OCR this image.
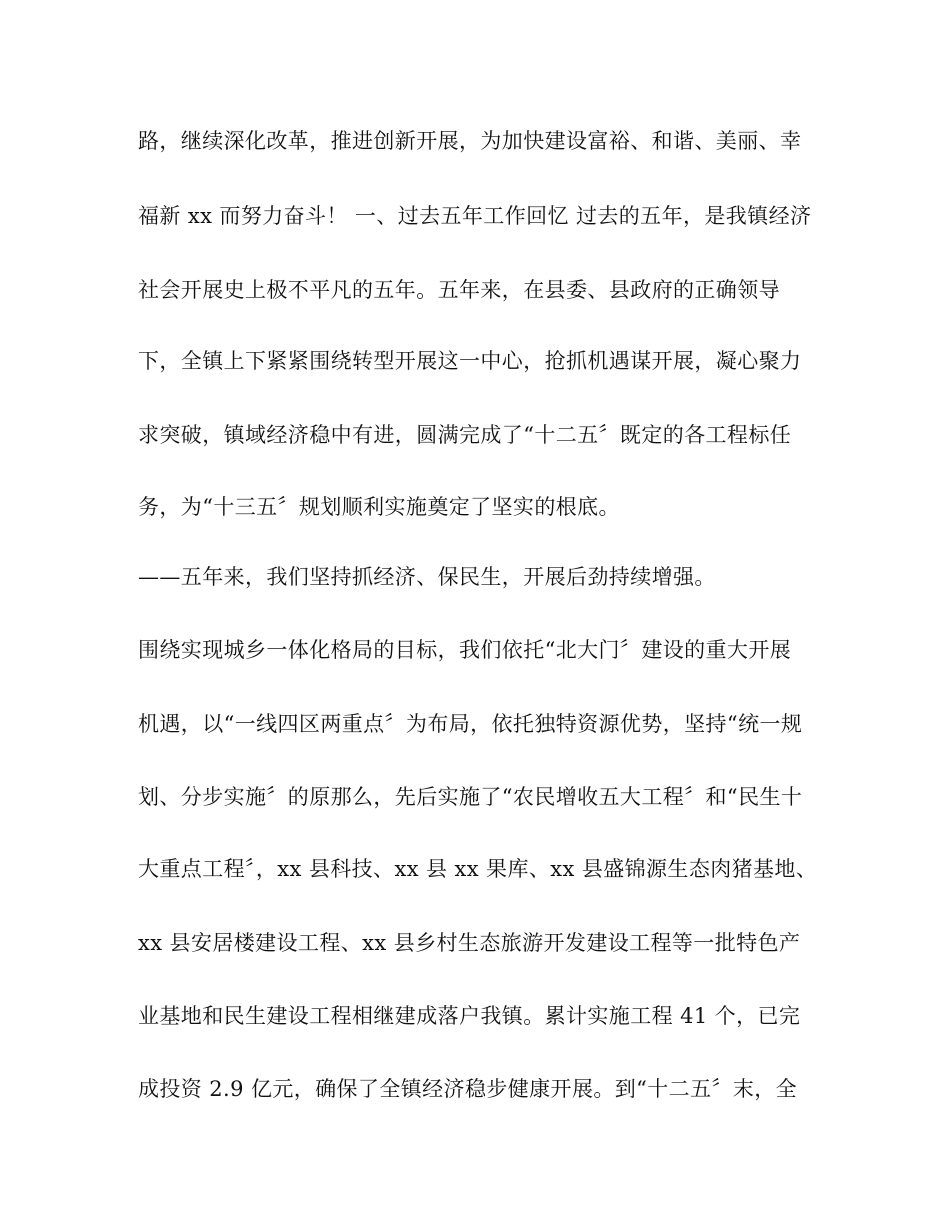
路，继续深化改革，推进创新开展，为加快建设富裕、和谐、美丽、幸
福新 xx 而努力奋斗！ 一、过去五年工作回忆 过去的五年，是我镇经济
社会开展史上极不平凡的五年。五年来，在县委、县政府的正确领导
下，全镇上下紧紧围绕转型开展这一中心，抢抓机遇谋开展，凝心聚力
求突破，镇域经济稳中有进，圆满完成了“十二五〞既定的各工程标任
务，为“十三五〞规划顺利实施奠定了坚实的根底。
——五年来，我们坚持抓经济、保民生，开展后劲持续增强。
围绕实现城乡一体化格局的目标，我们依托“北大门〞建设的重大开展
机遇，以“一线四区两重点〞为布局，依托独特资源优势，坚持“统一规
划、分步实施〞的原那么，先后实施了“农民增收五大工程〞和“民生十
大重点工程〞，xx 县科技、xx 县 xx 果库、xx 县盛锦源生态肉猪基地、
xx 县安居楼建设工程、xx 县乡村生态旅游开发建设工程等一批特色产
业基地和民生建设工程相继建成落户我镇。累计实施工程 41 个，已完
成投资 2.9 亿元，确保了全镇经济稳步健康开展。到“十二五〞末，全
